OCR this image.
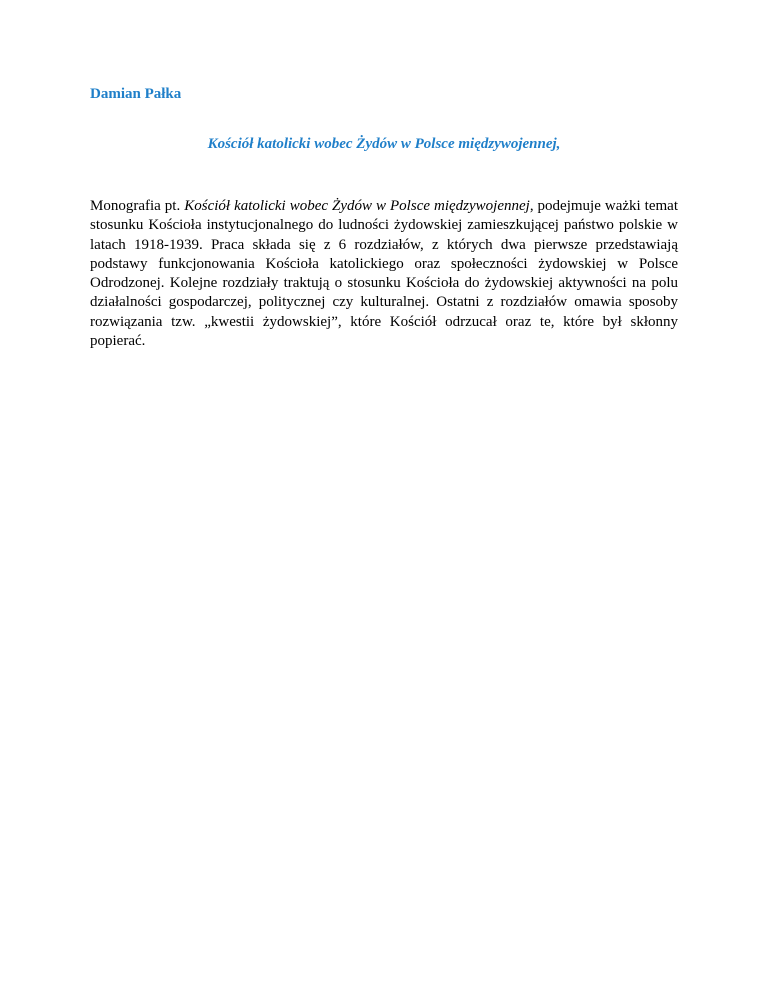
Damian Pałka

Kościół katolicki wobec Żydów w Polsce międzywojennej,

Monografia pt. Kościół katolicki wobec Żydów w Polsce międzywojennej, podejmuje ważki temat stosunku Kościoła instytucjonalnego do ludności żydowskiej zamieszkującej państwo polskie w latach 1918-1939. Praca składa się z 6 rozdziałów, z których dwa pierwsze przedstawiają podstawy funkcjonowania Kościoła katolickiego oraz społeczności żydowskiej w Polsce Odrodzonej. Kolejne rozdziały traktują o stosunku Kościoła do żydowskiej aktywności na polu działalności gospodarczej, politycznej czy kulturalnej. Ostatni z rozdziałów omawia sposoby rozwiązania tzw. „kwestii żydowskiej”, które Kościół odrzucał oraz te, które był skłonny popierać.
